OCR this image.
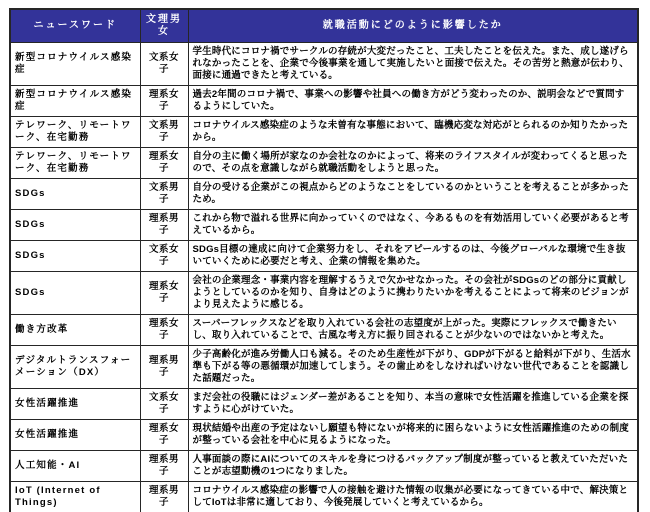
ニュースワード	文理男女	就職活動にどのように影響したか
新型コロナウイルス感染症	文系女子	学生時代にコロナ禍でサークルの存続が大変だったこと、工夫したことを伝えた。また、成し遂げられなかったことを、企業で今後事業を通して実施したいと面接で伝えた。その苦労と熱意が伝わり、面接に通過できたと考えている。
新型コロナウイルス感染症	理系女子	過去2年間のコロナ禍で、事業への影響や社員への働き方がどう変わったのか、説明会などで質問するようにしていた。
テレワーク、リモートワーク、在宅勤務	文系男子	コロナウイルス感染症のような未曽有な事態において、臨機応変な対応がとられるのか知りたかったから。
テレワーク、リモートワーク、在宅勤務	理系女子	自分の主に働く場所が家なのか会社なのかによって、将来のライフスタイルが変わってくると思ったので、その点を意識しながら就職活動をしようと思った。
SDGs	文系男子	自分の受ける企業がこの視点からどのようなことをしているのかということを考えることが多かったため。
SDGs	理系男子	これから物で溢れる世界に向かっていくのではなく、今あるものを有効活用していく必要があると考えているから。
SDGs	文系女子	SDGs目標の達成に向けて企業努力をし、それをアピールするのは、今後グローバルな環境で生き抜いていくために必要だと考え、企業の情報を集めた。
SDGs	理系女子	会社の企業理念・事業内容を理解するうえで欠かせなかった。その会社がSDGsのどの部分に貢献しようとしているのかを知り、自身はどのように携わりたいかを考えることによって将来のビジョンがより見えたように感じる。
働き方改革	理系女子	スーパーフレックスなどを取り入れている会社の志望度が上がった。実際にフレックスで働きたいし、取り入れていることで、古風な考え方に振り回されることが少ないのではないかと考えた。
デジタルトランスフォーメーション（DX）	理系男子	少子高齢化が進み労働人口も減る。そのため生産性が下がり、GDPが下がると給料が下がり、生活水準も下がる等の悪循環が加速してしまう。その歯止めをしなければいけない世代であることを認識した話題だった。
女性活躍推進	文系女子	まだ会社の役職にはジェンダー差があることを知り、本当の意味で女性活躍を推進している企業を探すように心がけていた。
女性活躍推進	理系女子	現状結婚や出産の予定はないし願望も特にないが将来的に困らないように女性活躍推進のための制度が整っている会社を中心に見るようになった。
人工知能・AI	理系男子	人事面談の際にAIについてのスキルを身につけるバックアップ制度が整っていると教えていただいたことが志望動機の1つになりました。
IoT (Internet of Things)	理系男子	コロナウイルス感染症の影響で人の接触を避けた情報の収集が必要になってきている中で、解決策としてIoTは非常に適しており、今後発展していくと考えているから。
